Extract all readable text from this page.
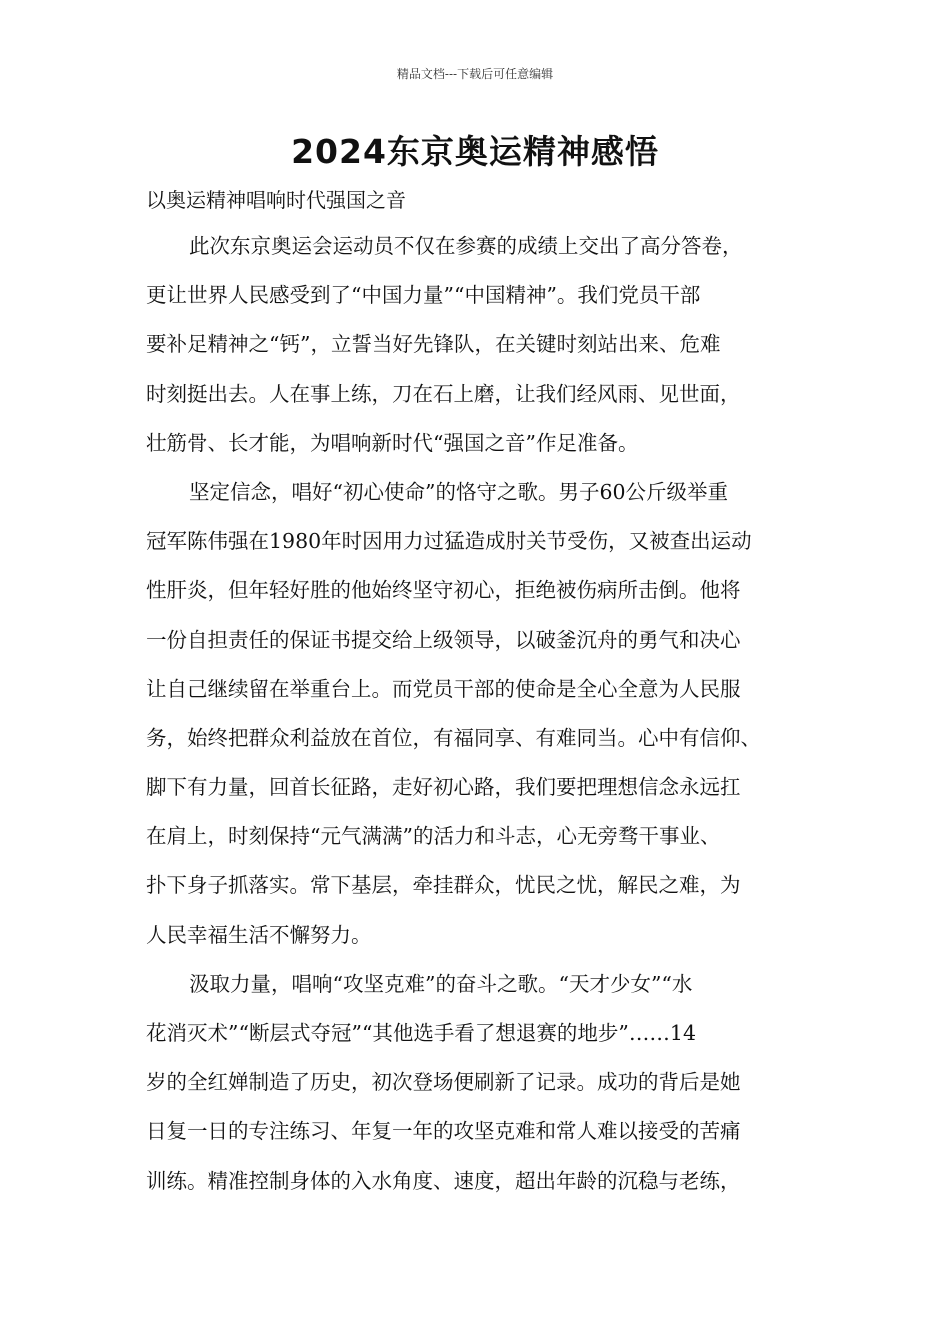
精品文档---下载后可任意编辑
2024东京奥运精神感悟
以奥运精神唱响时代强国之音
此次东京奥运会运动员不仅在参赛的成绩上交出了高分答卷，
更让世界人民感受到了“中国力量”“中国精神”。我们党员干部
要补足精神之“钙”，立誓当好先锋队，在关键时刻站出来、危难
时刻挺出去。人在事上练，刀在石上磨，让我们经风雨、见世面，
壮筋骨、长才能，为唱响新时代“强国之音”作足准备。
坚定信念，唱好“初心使命”的恪守之歌。男子60公斤级举重
冠军陈伟强在1980年时因用力过猛造成肘关节受伤，又被查出运动
性肝炎，但年轻好胜的他始终坚守初心，拒绝被伤病所击倒。他将
一份自担责任的保证书提交给上级领导，以破釜沉舟的勇气和决心
让自己继续留在举重台上。而党员干部的使命是全心全意为人民服
务，始终把群众利益放在首位，有福同享、有难同当。心中有信仰、
脚下有力量，回首长征路，走好初心路，我们要把理想信念永远扛
在肩上，时刻保持“元气满满”的活力和斗志，心无旁骛干事业、
扑下身子抓落实。常下基层，牵挂群众，忧民之忧，解民之难，为
人民幸福生活不懈努力。
汲取力量，唱响“攻坚克难”的奋斗之歌。“天才少女”“水
花消灭术”“断层式夺冠”“其他选手看了想退赛的地步”……14
岁的全红婵制造了历史，初次登场便刷新了记录。成功的背后是她
日复一日的专注练习、年复一年的攻坚克难和常人难以接受的苦痛
训练。精准控制身体的入水角度、速度，超出年龄的沉稳与老练，
